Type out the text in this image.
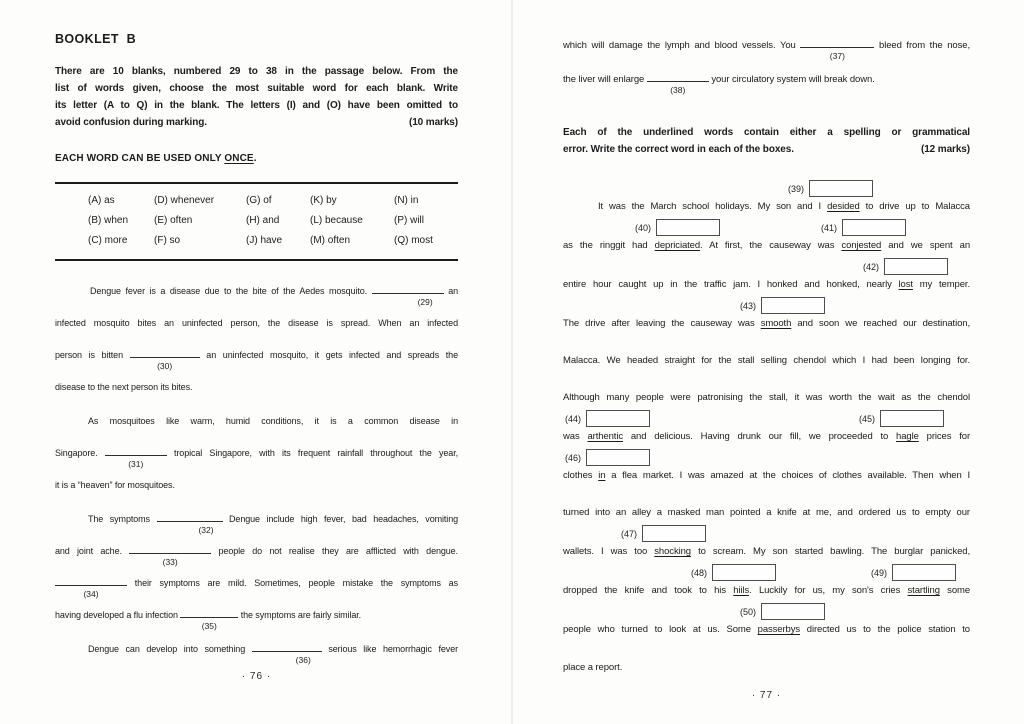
BOOKLET  B
There are 10 blanks, numbered 29 to 38 in the passage below. From the
list of words given, choose the most suitable word for each blank. Write
its letter (A to Q) in the blank. The letters (I) and (O) have been omitted to
avoid confusion during marking.	(10 marks)
EACH WORD CAN BE USED ONLY ONCE.
(A) as	(D) whenever	(G) of	(K) by	(N) in
(B) when	(E) often	(H) and	(L) because	(P) will
(C) more	(F) so	(J) have	(M) often	(Q) most
Dengue fever is a disease due to the bite of the Aedes mosquito.
(29)
an
infected mosquito bites an uninfected person, the disease is spread. When an infected
person is bitten
(30)
an uninfected mosquito, it gets infected and spreads the
disease to the next person its bites.
As mosquitoes like warm, humid conditions, it is a common disease in
Singapore.
(31)
tropical Singapore, with its frequent rainfall throughout the year,
it is a “heaven” for mosquitoes.
The symptoms
(32)
Dengue include high fever, bad headaches, vomiting
and joint ache.
(33)
people do not realise they are afflicted with dengue.
(34)
their symptoms are mild. Sometimes, people mistake the symptoms as
having developed a flu infection
(35)
the symptoms are fairly similar.
Dengue can develop into something
(36)
serious like hemorrhagic fever
· 76 ·
which will damage the lymph and blood vessels. You
(37)
bleed from the nose,
the liver will enlarge
(38)
your circulatory system will break down.
Each of the underlined words contain either a spelling or grammatical
error. Write the correct word in each of the boxes.	(12 marks)
(39)
It was the March school holidays. My son and I desided to drive up to Malacca
(40)	(41)
as the ringgit had depriciated. At first, the causeway was conjested and we spent an
(42)
entire hour caught up in the traffic jam. I honked and honked, nearly lost my temper.
(43)
The drive after leaving the causeway was smooth and soon we reached our destination,
Malacca. We headed straight for the stall selling chendol which I had been longing for.
Although many people were patronising the stall, it was worth the wait as the chendol
(44)	(45)
was arthentic and delicious. Having drunk our fill, we proceeded to hagle prices for
(46)
clothes in a flea market. I was amazed at the choices of clothes available. Then when I
turned into an alley a masked man pointed a knife at me, and ordered us to empty our
(47)
wallets. I was too shocking to scream. My son started bawling. The burglar panicked,
(48)	(49)
dropped the knife and took to his hiils. Luckily for us, my son's cries startling some
(50)
people who turned to look at us. Some passerbys directed us to the police station to
place a report.
· 77 ·
